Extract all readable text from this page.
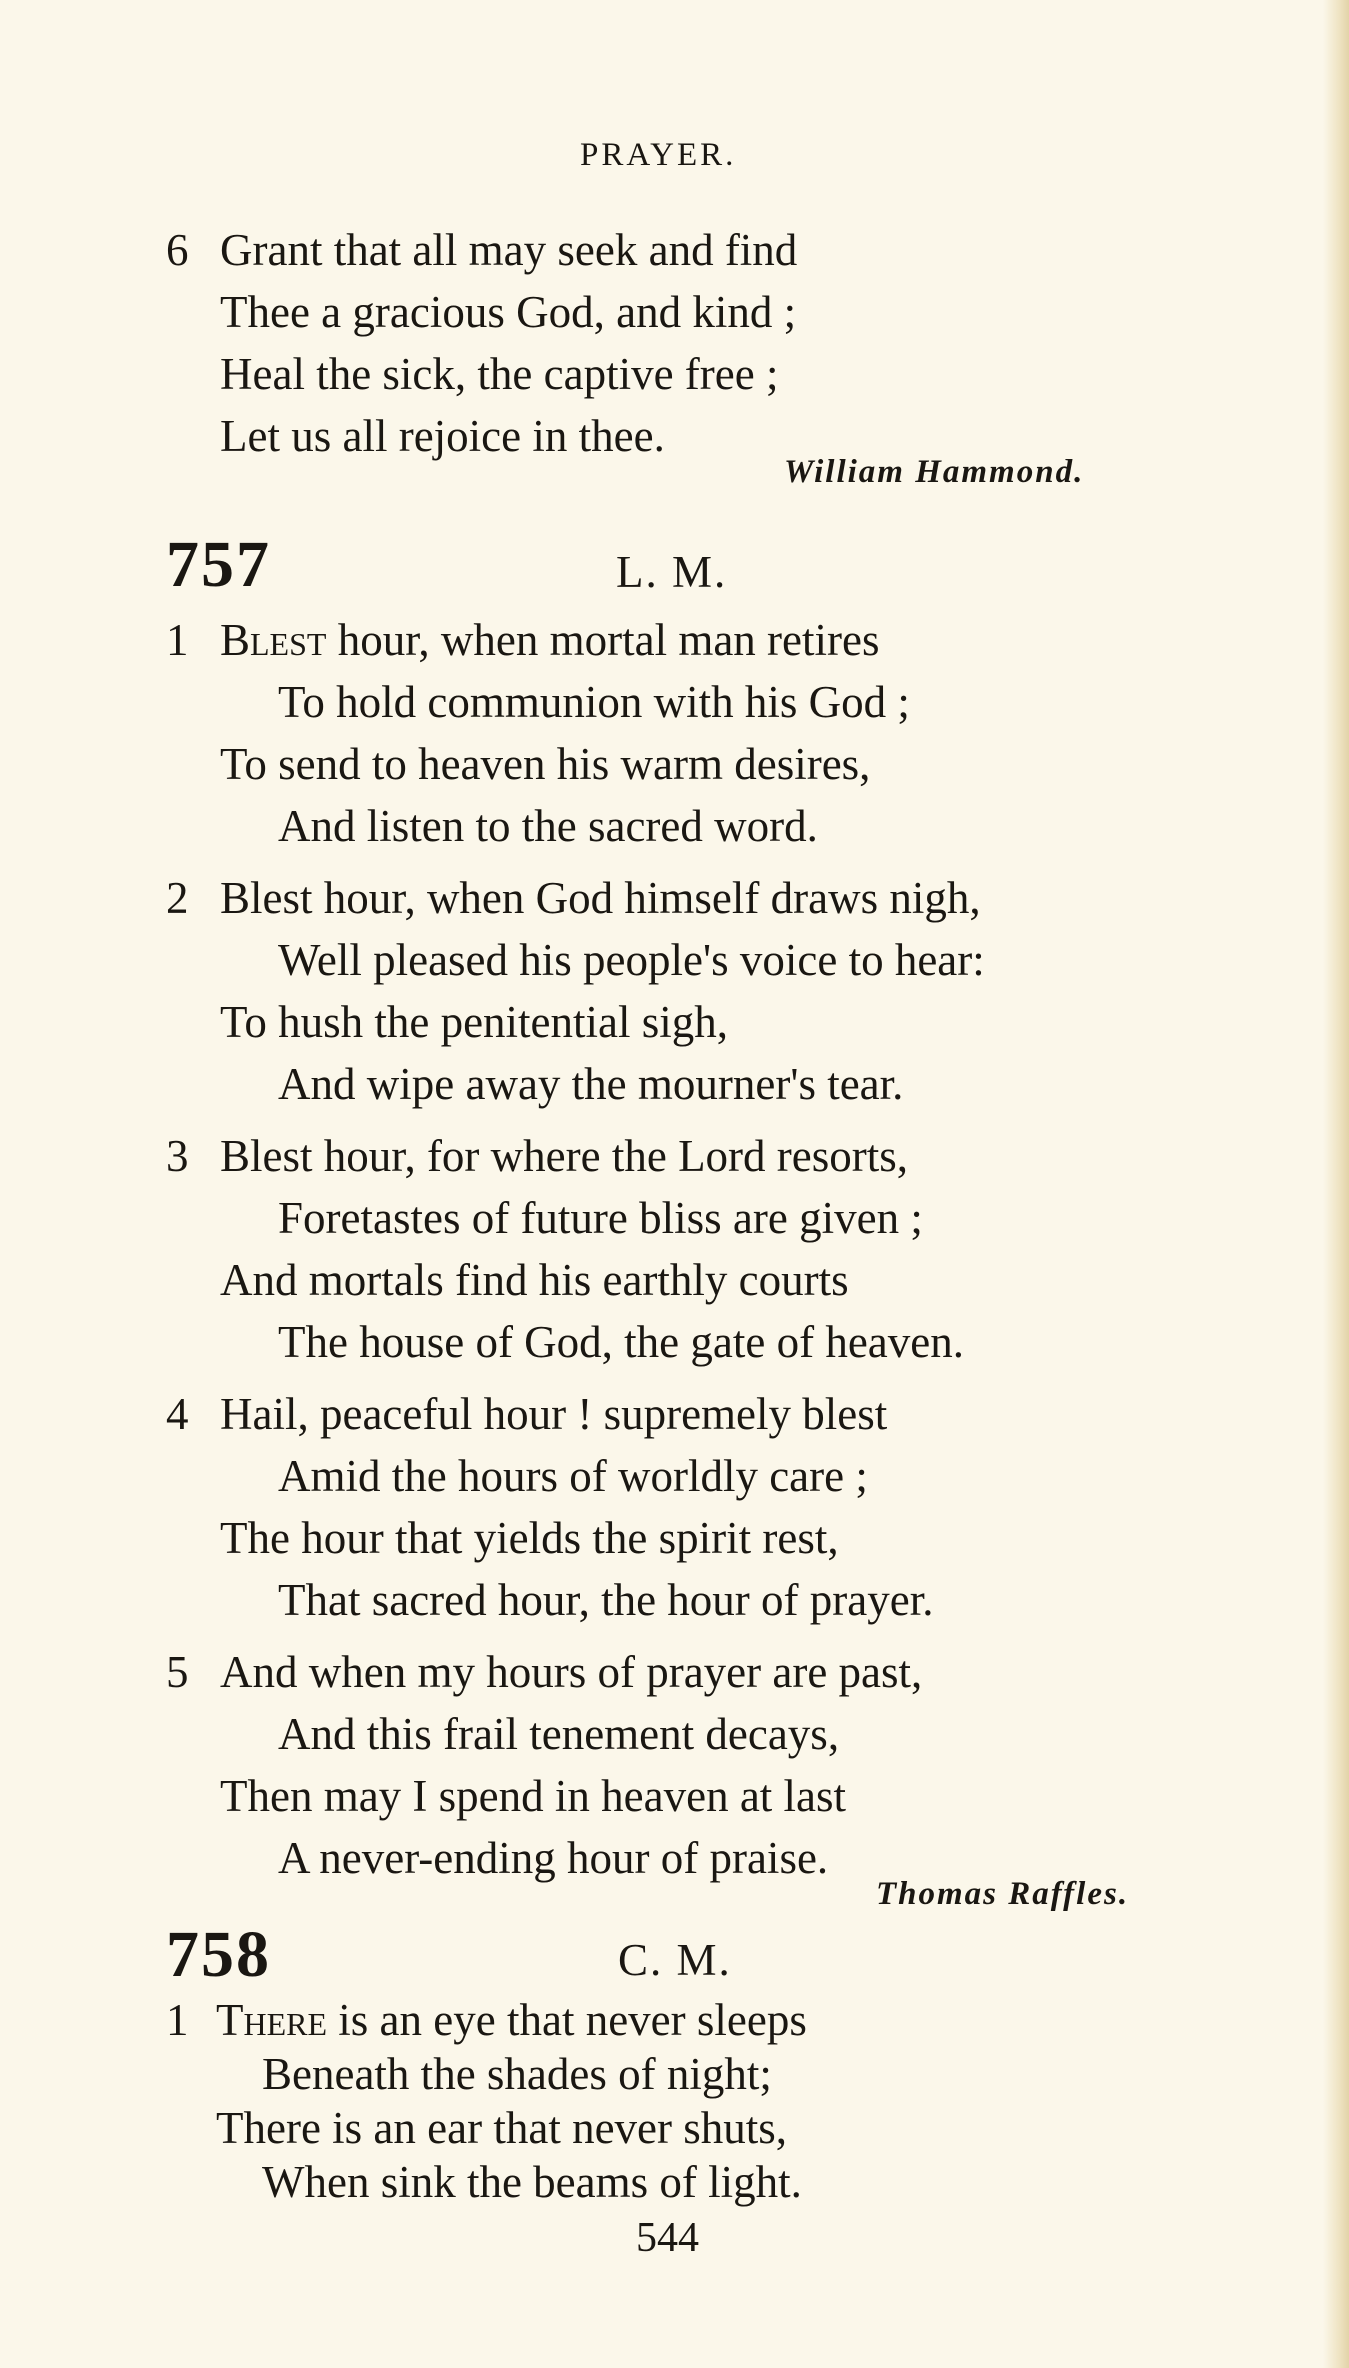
PRAYER.
6 Grant that all may seek and find
Thee a gracious God, and kind ;
Heal the sick, the captive free ;
Let us all rejoice in thee.
William Hammond.
757	L. M.
1 Blest hour, when mortal man retires
To hold communion with his God ;
To send to heaven his warm desires,
And listen to the sacred word.
2 Blest hour, when God himself draws nigh,
Well pleased his people's voice to hear:
To hush the penitential sigh,
And wipe away the mourner's tear.
3 Blest hour, for where the Lord resorts,
Foretastes of future bliss are given ;
And mortals find his earthly courts
The house of God, the gate of heaven.
4 Hail, peaceful hour ! supremely blest
Amid the hours of worldly care ;
The hour that yields the spirit rest,
That sacred hour, the hour of prayer.
5 And when my hours of prayer are past,
And this frail tenement decays,
Then may I spend in heaven at last
A never-ending hour of praise.
Thomas Raffles.
758	C. M.
1 There is an eye that never sleeps
Beneath the shades of night;
There is an ear that never shuts,
When sink the beams of light.
544
